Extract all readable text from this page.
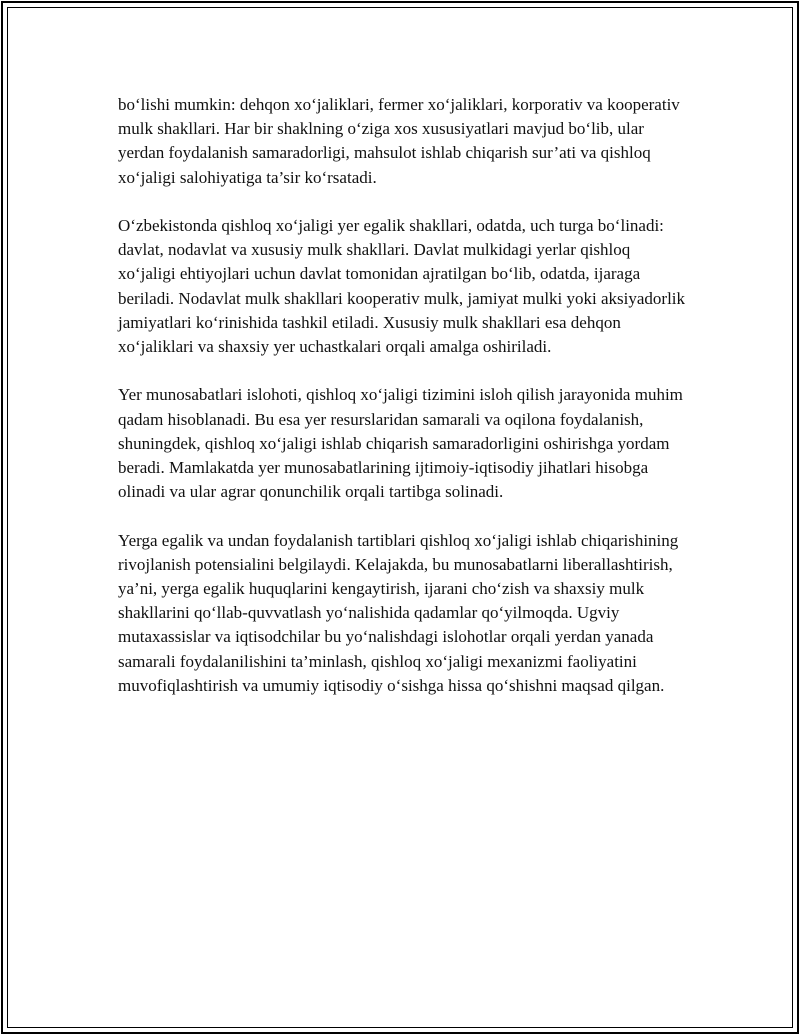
bo‘lishi mumkin: dehqon xo‘jaliklari, fermer xo‘jaliklari, korporativ va kooperativ mulk shakllari. Har bir shaklning o‘ziga xos xususiyatlari mavjud bo‘lib, ular yerdan foydalanish samaradorligi, mahsulot ishlab chiqarish sur’ati va qishloq xo‘jaligi salohiyatiga ta’sir ko‘rsatadi.

O‘zbekistonda qishloq xo‘jaligi yer egalik shakllari, odatda, uch turga bo‘linadi: davlat, nodavlat va xususiy mulk shakllari. Davlat mulkidagi yerlar qishloq xo‘jaligi ehtiyojlari uchun davlat tomonidan ajratilgan bo‘lib, odatda, ijaraga beriladi. Nodavlat mulk shakllari kooperativ mulk, jamiyat mulki yoki aksiyadorlik jamiyatlari ko‘rinishida tashkil etiladi. Xususiy mulk shakllari esa dehqon xo‘jaliklari va shaxsiy yer uchastkalari orqali amalga oshiriladi.

Yer munosabatlari islohoti, qishloq xo‘jaligi tizimini isloh qilish jarayonida muhim qadam hisoblanadi. Bu esa yer resurslaridan samarali va oqilona foydalanish, shuningdek, qishloq xo‘jaligi ishlab chiqarish samaradorligini oshirishga yordam beradi. Mamlakatda yer munosabatlarining ijtimoiy-iqtisodiy jihatlari hisobga olinadi va ular agrar qonunchilik orqali tartibga solinadi.

Yerga egalik va undan foydalanish tartiblari qishloq xo‘jaligi ishlab chiqarishining rivojlanish potensialini belgilaydi. Kelajakda, bu munosabatlarni liberallashtirish, ya’ni, yerga egalik huquqlarini kengaytirish, ijarani cho‘zish va shaxsiy mulk shakllarini qo‘llab-quvvatlash yo‘nalishida qadamlar qo‘yilmoqda. Ugviy mutaxassislar va iqtisodchilar bu yo‘nalishdagi islohotlar orqali yerdan yanada samarali foydalanilishini ta’minlash, qishloq xo‘jaligi mexanizmi faoliyatini muvofiqlashtirish va umumiy iqtisodiy o‘sishga hissa qo‘shishni maqsad qilgan.
